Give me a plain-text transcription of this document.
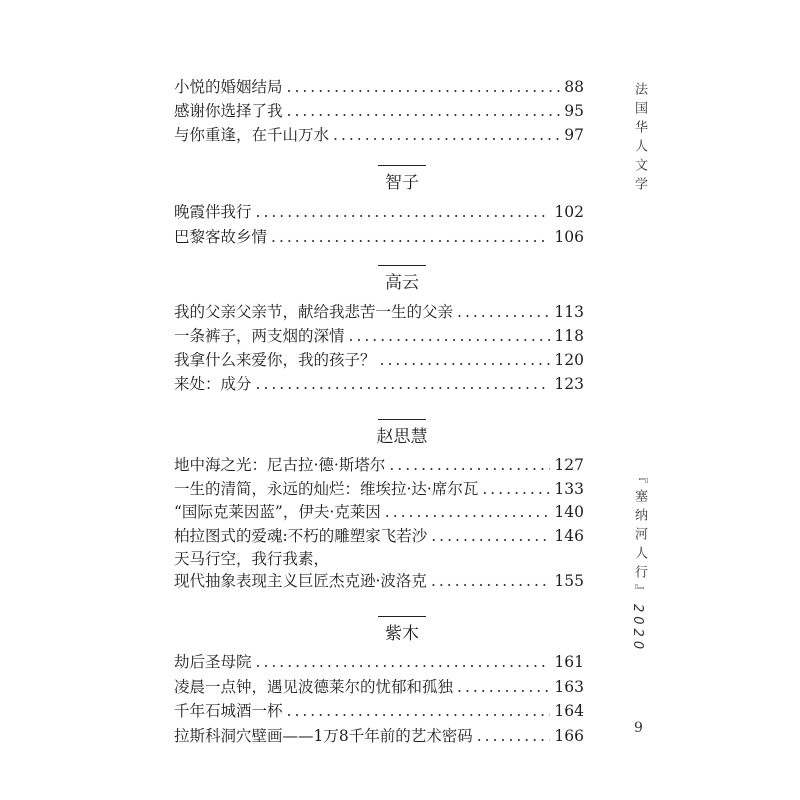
小悦的婚姻结局 .....	88
感谢你选择了我 .....	95
与你重逢，在千山万水 .....	97
智子
晚霞伴我行 .....	102
巴黎客故乡情 .....	106
高云
我的父亲父亲节，献给我悲苦一生的父亲 .....	113
一条裤子，两支烟的深情 .....	118
我拿什么来爱你，我的孩子？ .....	120
来处：成分 .....	123
赵思慧
地中海之光：尼古拉·德·斯塔尔 .....	127
一生的清简，永远的灿烂：维埃拉·达·席尔瓦 .....	133
“国际克莱因蓝”，伊夫·克莱因 .....	140
柏拉图式的爱魂:不朽的雕塑家飞若沙 .....	146
天马行空，我行我素，
现代抽象表现主义巨匠杰克逊·波洛克 .....	155
紫木
劫后圣母院 .....	161
凌晨一点钟，遇见波德莱尔的忧郁和孤独 .....	163
千年石城酒一杯 .....	164
拉斯科洞穴壁画——1万8千年前的艺术密码 .....	166
法国华人文学
『塞纳河人行』
2020
9
